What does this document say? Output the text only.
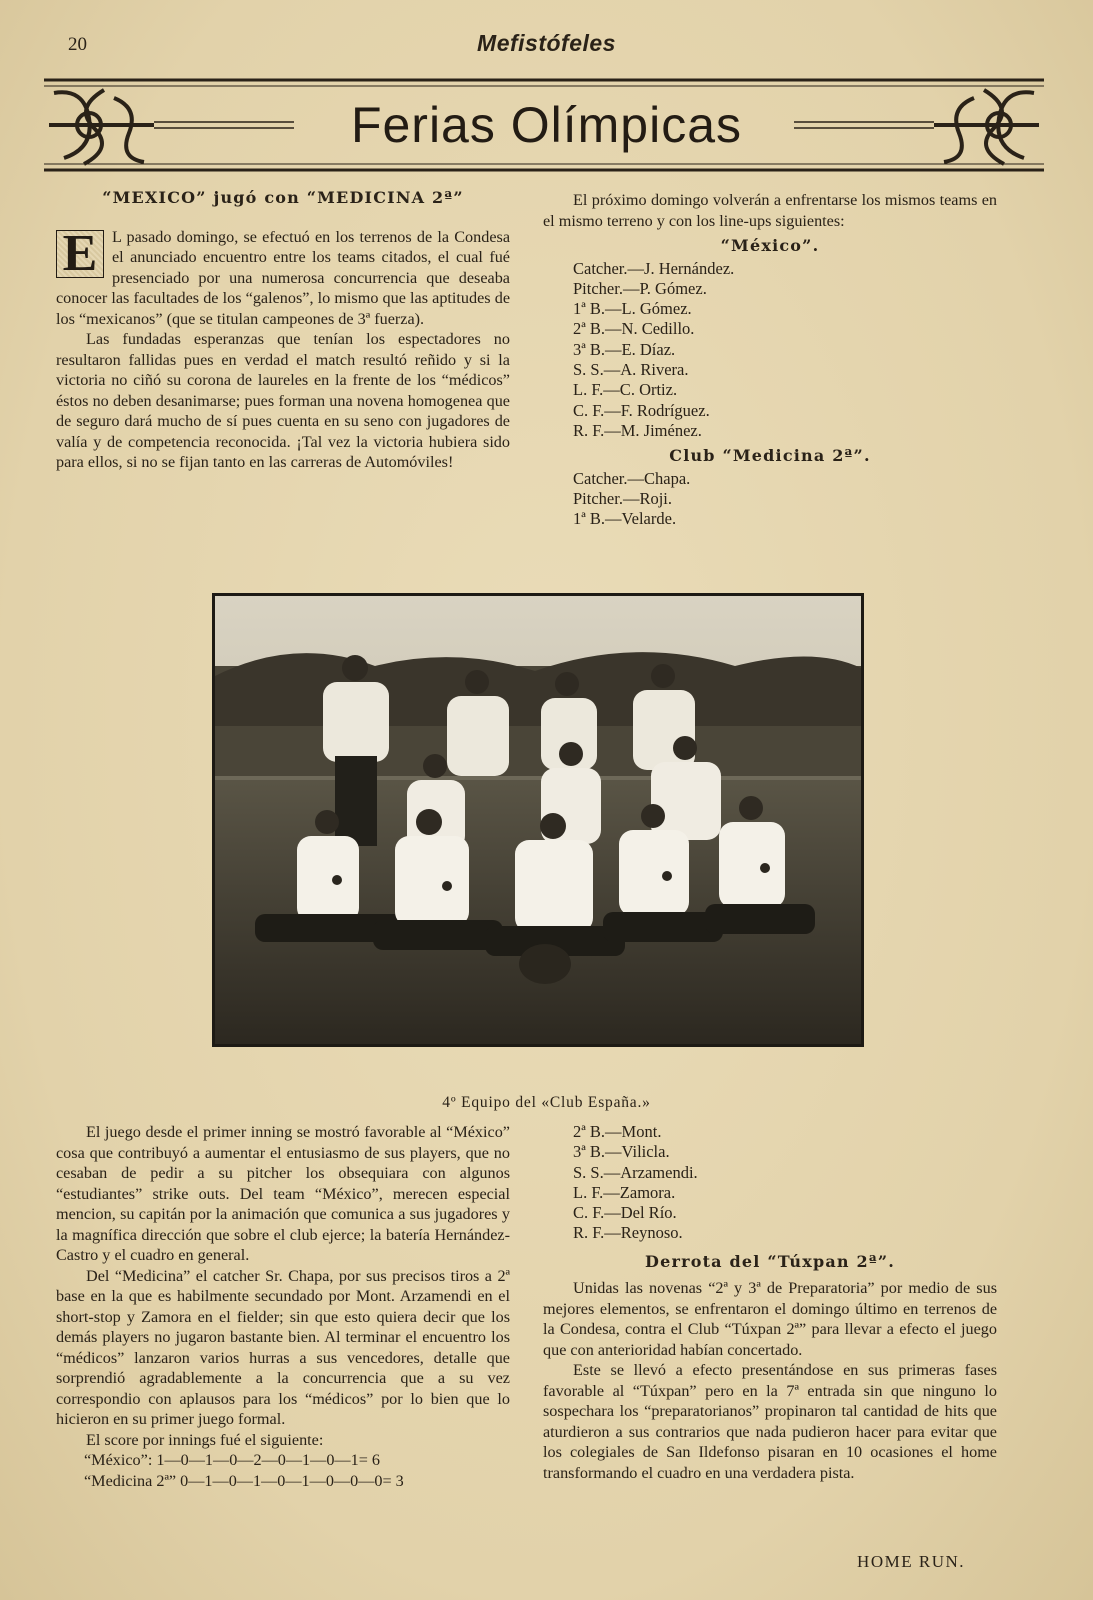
20	Mefistófeles
Ferias Olímpicas

“MEXICO” jugó con “MEDICINA 2ª”

E L pasado domingo, se efectuó en los terrenos de la Condesa el anunciado encuentro entre los teams citados, el cual fué presenciado por una numerosa concurrencia que deseaba conocer las facultades de los “galenos”, lo mismo que las aptitudes de los “mexicanos” (que se titulan campeones de 3ª fuerza).

Las fundadas esperanzas que tenían los espectadores no resultaron fallidas pues en verdad el match resultó reñido y si la victoria no ciñó su corona de laureles en la frente de los “médicos” éstos no deben desanimarse; pues forman una novena homogenea que de seguro dará mucho de sí pues cuenta en su seno con jugadores de valía y de competencia reconocida. ¡Tal vez la victoria hubiera sido para ellos, si no se fijan tanto en las carreras de Automóviles!

El próximo domingo volverán a enfrentarse los mismos teams en el mismo terreno y con los line-ups siguientes:

“México”.

Catcher.—J. Hernández.
Pitcher.—P. Gómez.
1ª B.—L. Gómez.
2ª B.—N. Cedillo.
3ª B.—E. Díaz.
S. S.—A. Rivera.
L. F.—C. Ortiz.
C. F.—F. Rodríguez.
R. F.—M. Jiménez.

Club “Medicina 2ª”.

Catcher.—Chapa.
Pitcher.—Roji.
1ª B.—Velarde.
4º Equipo del «Club España.»

El juego desde el primer inning se mostró favorable al “México” cosa que contribuyó a aumentar el entusiasmo de sus players, que no cesaban de pedir a su pitcher los obsequiara con algunos “estudiantes” strike outs. Del team “México”, merecen especial mencion, su capitán por la animación que comunica a sus jugadores y la magnífica dirección que sobre el club ejerce; la batería Hernández-Castro y el cuadro en general.

Del “Medicina” el catcher Sr. Chapa, por sus precisos tiros a 2ª base en la que es habilmente secundado por Mont. Arzamendi en el short-stop y Zamora en el fielder; sin que esto quiera decir que los demás players no jugaron bastante bien. Al terminar el encuentro los “médicos” lanzaron varios hurras a sus vencedores, detalle que sorprendió agradablemente a la concurrencia que a su vez correspondio con aplausos para los “médicos” por lo bien que lo hicieron en su primer juego formal.

El score por innings fué el siguiente:

“México”: 1—0—1—0—2—0—1—0—1= 6
“Medicina 2ª” 0—1—0—1—0—1—0—0—0= 3
2ª B.—Mont.
3ª B.—Vilicla.
S. S.—Arzamendi.
L. F.—Zamora.
C. F.—Del Río.
R. F.—Reynoso.

Derrota del “Túxpan 2ª”.

Unidas las novenas “2ª y 3ª de Preparatoria” por medio de sus mejores elementos, se enfrentaron el domingo último en terrenos de la Condesa, contra el Club “Túxpan 2ª” para llevar a efecto el juego que con anterioridad habían concertado.

Este se llevó a efecto presentándose en sus primeras fases favorable al “Túxpan” pero en la 7ª entrada sin que ninguno lo sospechara los “preparatorianos” propinaron tal cantidad de hits que aturdieron a sus contrarios que nada pudieron hacer para evitar que los colegiales de San Ildefonso pisaran en 10 ocasiones el home transformando el cuadro en una verdadera pista.

HOME RUN.
